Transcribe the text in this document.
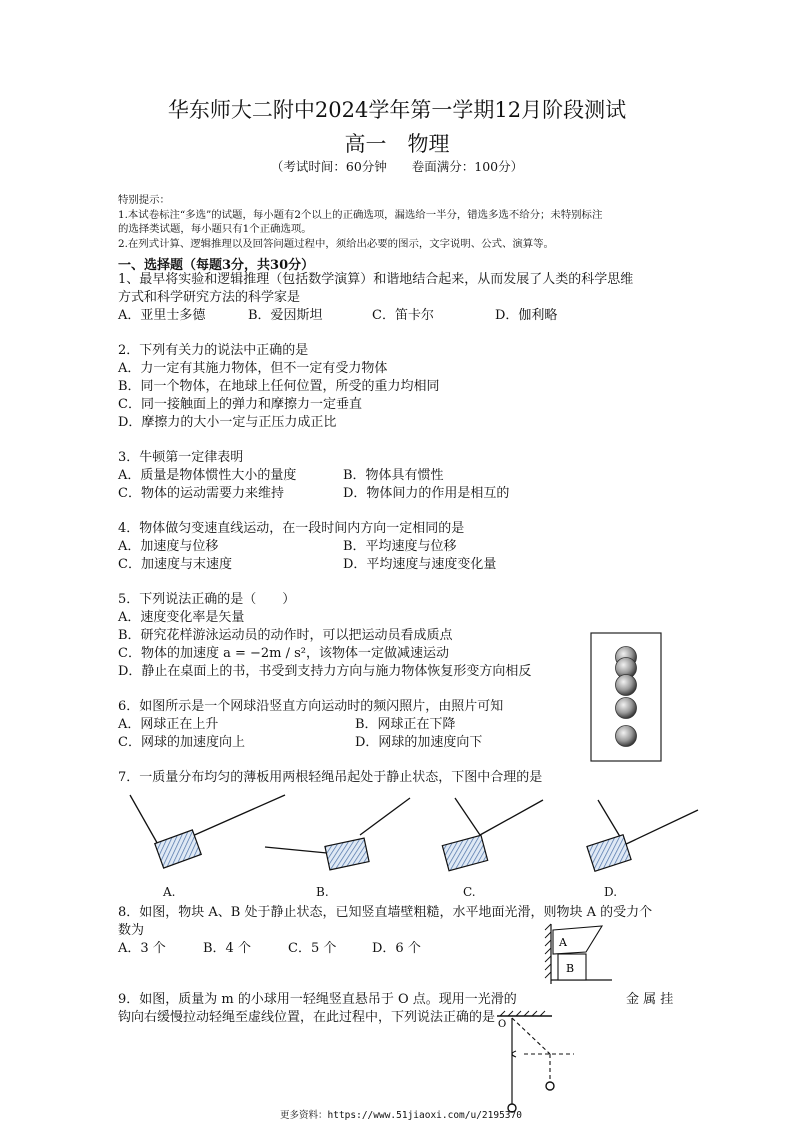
华东师大二附中2024学年第一学期12月阶段测试
高一　物理
（考试时间：60分钟　　卷面满分：100分）
特别提示：
1.本试卷标注“多选”的试题，每小题有2个以上的正确选项，漏选给一半分，错选多选不给分；未特别标注
的选择类试题，每小题只有1个正确选项。
2.在列式计算、逻辑推理以及回答问题过程中，须给出必要的图示，文字说明、公式、演算等。
一、选择题（每题3分，共30分）
1、最早将实验和逻辑推理（包括数学演算）和谐地结合起来，从而发展了人类的科学思维
方式和科学研究方法的科学家是
A．亚里士多德	B．爱因斯坦	C．笛卡尔	D．伽利略
2．下列有关力的说法中正确的是
A．力一定有其施力物体，但不一定有受力物体
B．同一个物体，在地球上任何位置，所受的重力均相同
C．同一接触面上的弹力和摩擦力一定垂直
D．摩擦力的大小一定与正压力成正比
3．牛顿第一定律表明
A．质量是物体惯性大小的量度	B．物体具有惯性
C．物体的运动需要力来维持	D．物体间力的作用是相互的
4．物体做匀变速直线运动，在一段时间内方向一定相同的是
A．加速度与位移	B．平均速度与位移
C．加速度与末速度	D．平均速度与速度变化量
5．下列说法正确的是（　　）
A．速度变化率是矢量
B．研究花样游泳运动员的动作时，可以把运动员看成质点
C．物体的加速度 a = −2m / s²，该物体一定做减速运动
D．静止在桌面上的书，书受到支持力方向与施力物体恢复形变方向相反
6．如图所示是一个网球沿竖直方向运动时的频闪照片，由照片可知
A．网球正在上升	B．网球正在下降
C．网球的加速度向上	D．网球的加速度向下
7．一质量分布均匀的薄板用两根轻绳吊起处于静止状态，下图中合理的是
A.	B.	C.	D.
8．如图，物块 A、B 处于静止状态，已知竖直墙壁粗糙，水平地面光滑，则物块 A 的受力个
数为
A．3 个	B．4 个	C．5 个	D．6 个	A
B
9．如图，质量为 m 的小球用一轻绳竖直悬吊于 O 点。现用一光滑的	金 属 挂
钩向右缓慢拉动轻绳至虚线位置，在此过程中，下列说法正确的是 O
更多资料：https://www.51jiaoxi.com/u/2195370
